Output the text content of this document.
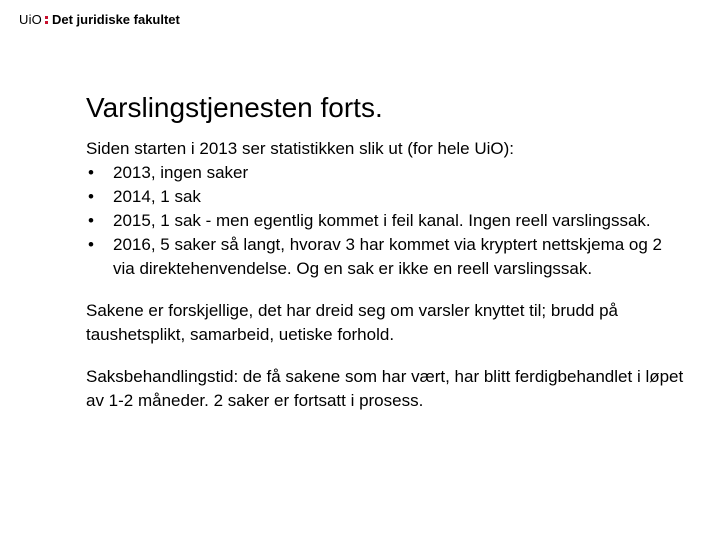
UiO Det juridiske fakultet
Varslingstjenesten forts.

Siden starten i 2013 ser statistikken slik ut (for hele UiO):

• 2013, ingen saker
• 2014, 1 sak
• 2015, 1 sak - men egentlig kommet i feil kanal. Ingen reell varslingssak.
• 2016, 5 saker så langt, hvorav 3 har kommet via kryptert nettskjema og 2 via direktehenvendelse. Og en sak er ikke en reell varslingssak.

Sakene er forskjellige, det har dreid seg om varsler knyttet til; brudd på taushetsplikt, samarbeid, uetiske forhold.

Saksbehandlingstid: de få sakene som har vært, har blitt ferdigbehandlet i løpet av 1-2 måneder. 2 saker er fortsatt i prosess.
